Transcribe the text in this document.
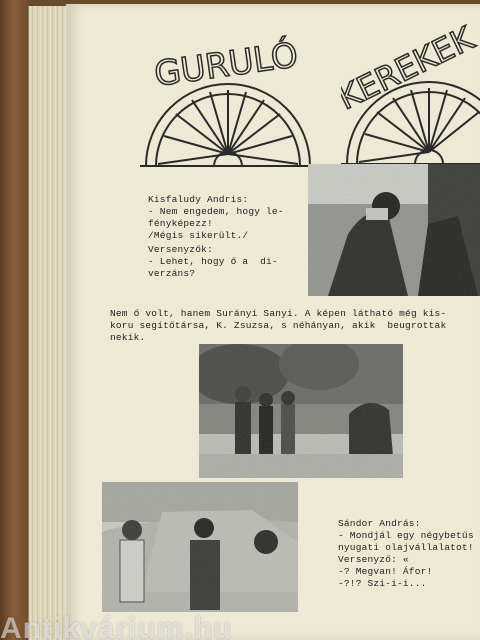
GURULÓ KEREKEK
Kisfaludy Andris:
- Nem engedem, hogy le-
fényképezz!
/Mégis sikerült./
Versenyzők:
- Lehet, hogy ő a  di-
verzáns?
Nem ő volt, hanem Surányi Sanyi. A képen látható még kis-
koru segítőtársa, K. Zsuzsa, s néhányan, akik  beugrottak
nekik.
Sándor András:
- Mondjál egy négybetűs
nyugati olajvállalatot!
Versenyző: «
-? Megvan! Áfor!
-?!? Szi-i-i...
Antikvárium.hu
